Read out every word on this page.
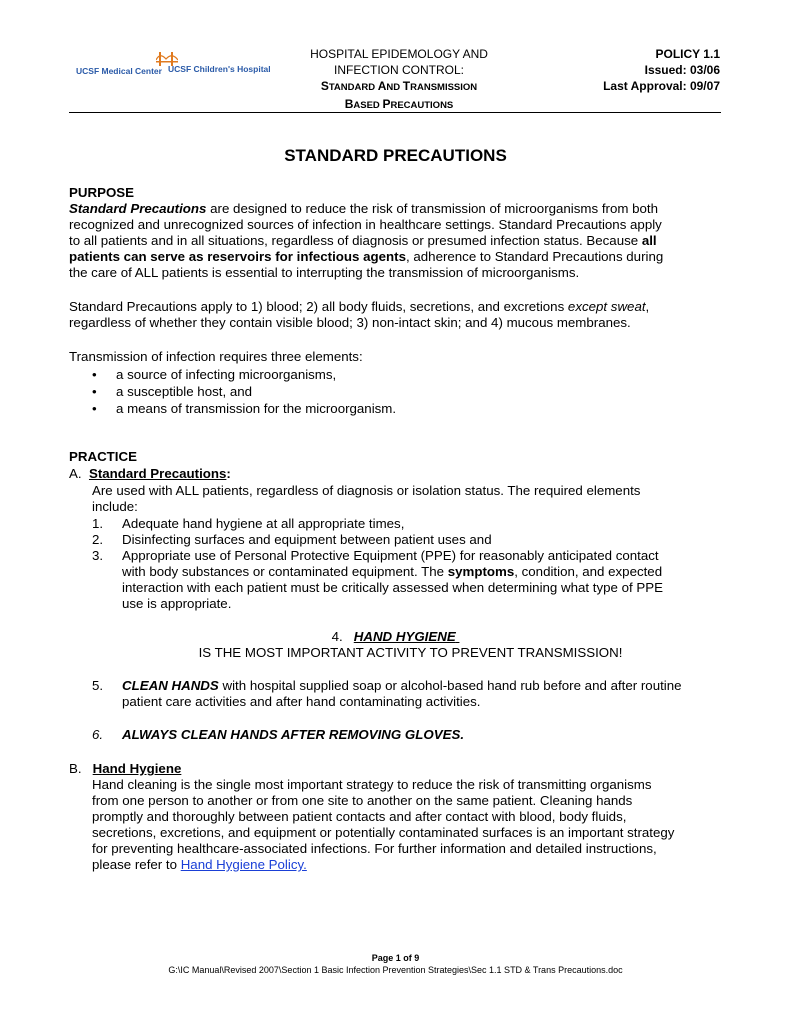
UCSF Medical Center UCSF Children's Hospital
HOSPITAL EPIDEMOLOGY AND
INFECTION CONTROL:
STANDARD AND TRANSMISSION
BASED PRECAUTIONS
POLICY 1.1
Issued: 03/06
Last Approval: 09/07
STANDARD PRECAUTIONS
PURPOSE
Standard Precautions are designed to reduce the risk of transmission of microorganisms from both
recognized and unrecognized sources of infection in healthcare settings. Standard Precautions apply
to all patients and in all situations, regardless of diagnosis or presumed infection status. Because all
patients can serve as reservoirs for infectious agents, adherence to Standard Precautions during
the care of ALL patients is essential to interrupting the transmission of microorganisms.
Standard Precautions apply to 1) blood; 2) all body fluids, secretions, and excretions except sweat,
regardless of whether they contain visible blood; 3) non-intact skin; and 4) mucous membranes.
Transmission of infection requires three elements:
• a source of infecting microorganisms,
• a susceptible host, and
• a means of transmission for the microorganism.
PRACTICE
A. Standard Precautions:
Are used with ALL patients, regardless of diagnosis or isolation status. The required elements
include:
1. Adequate hand hygiene at all appropriate times,
2. Disinfecting surfaces and equipment between patient uses and
3. Appropriate use of Personal Protective Equipment (PPE) for reasonably anticipated contact
with body substances or contaminated equipment. The symptoms, condition, and expected
interaction with each patient must be critically assessed when determining what type of PPE
use is appropriate.
4. HAND HYGIENE
IS THE MOST IMPORTANT ACTIVITY TO PREVENT TRANSMISSION!
5. CLEAN HANDS with hospital supplied soap or alcohol-based hand rub before and after routine
patient care activities and after hand contaminating activities.
6. ALWAYS CLEAN HANDS AFTER REMOVING GLOVES.
B. Hand Hygiene
Hand cleaning is the single most important strategy to reduce the risk of transmitting organisms
from one person to another or from one site to another on the same patient. Cleaning hands
promptly and thoroughly between patient contacts and after contact with blood, body fluids,
secretions, excretions, and equipment or potentially contaminated surfaces is an important strategy
for preventing healthcare-associated infections. For further information and detailed instructions,
please refer to Hand Hygiene Policy.
Page 1 of 9
G:\IC Manual\Revised 2007\Section 1 Basic Infection Prevention Strategies\Sec 1.1 STD & Trans Precautions.doc
